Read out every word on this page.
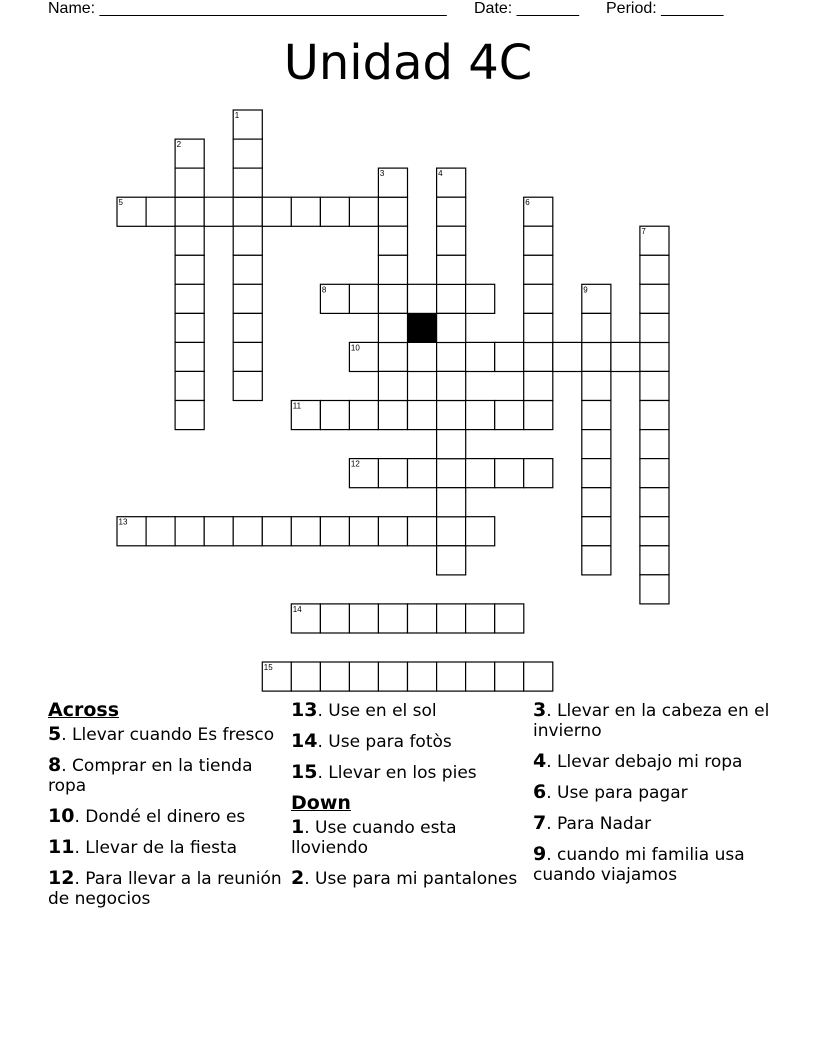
Name: _______________________________________ Date: _______ Period: _______
Unidad 4C
5
8
10
11
12
13
14
15
1
2
3	4
6
7
9
Across
5. Llevar cuando Es fresco
8. Comprar en la tienda ropa
10. Dondé el dinero es
11. Llevar de la fiesta
12. Para llevar a la reunión de negocios
13. Use en el sol
14. Use para fotòs
15. Llevar en los pies
Down
1. Use cuando esta lloviendo
2. Use para mi pantalones
3. Llevar en la cabeza en el invierno
4. Llevar debajo mi ropa
6. Use para pagar
7. Para Nadar
9. cuando mi familia usa cuando viajamos
